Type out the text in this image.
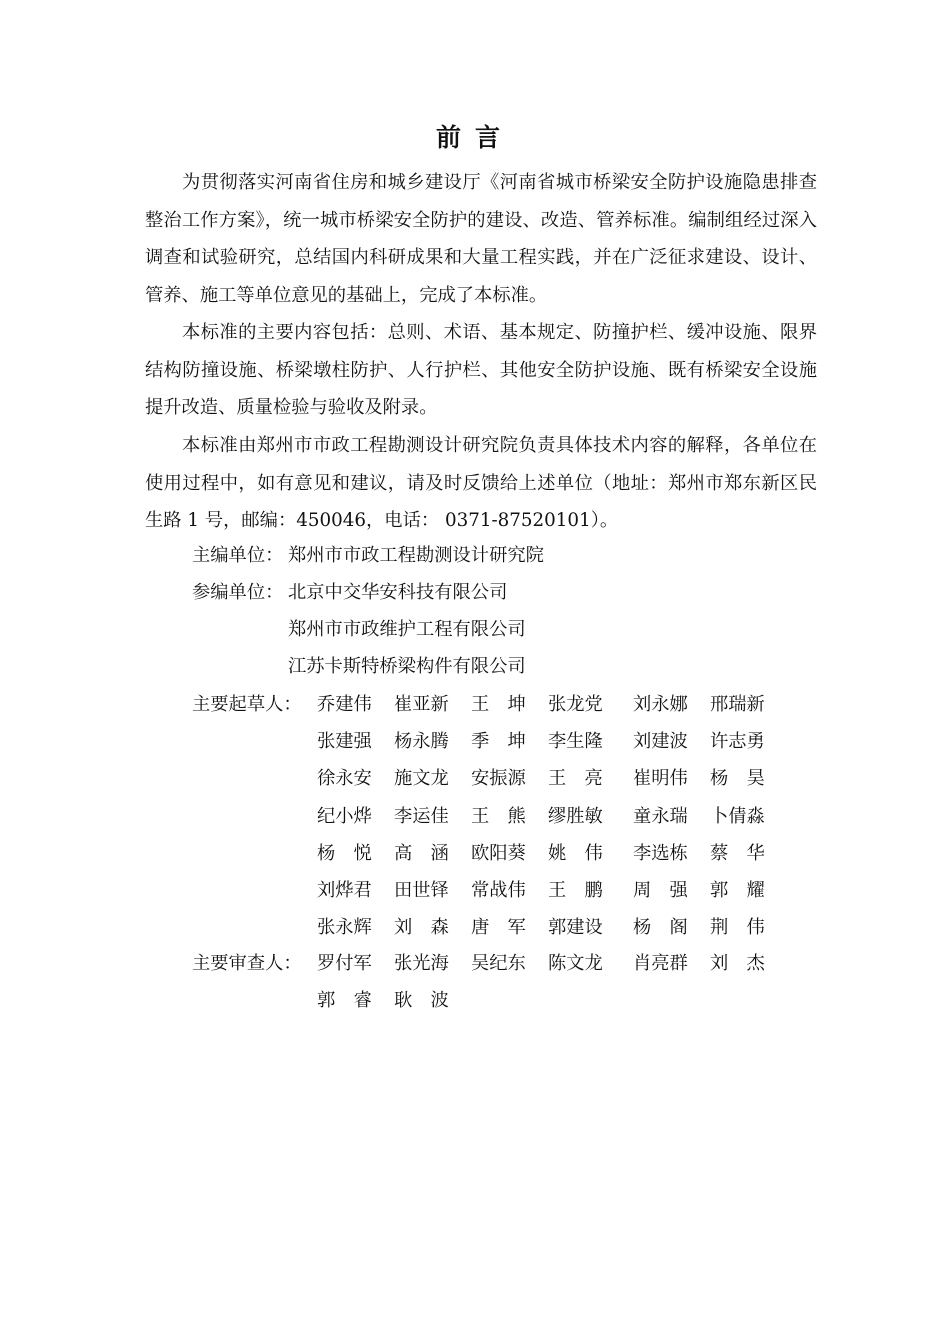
前言

为贯彻落实河南省住房和城乡建设厅《河南省城市桥梁安全防护设施隐患排查整治工作方案》，统一城市桥梁安全防护的建设、改造、管养标准。编制组经过深入调查和试验研究，总结国内科研成果和大量工程实践，并在广泛征求建设、设计、管养、施工等单位意见的基础上，完成了本标准。

本标准的主要内容包括：总则、术语、基本规定、防撞护栏、缓冲设施、限界结构防撞设施、桥梁墩柱防护、人行护栏、其他安全防护设施、既有桥梁安全设施提升改造、质量检验与验收及附录。

本标准由郑州市市政工程勘测设计研究院负责具体技术内容的解释，各单位在使用过程中，如有意见和建议，请及时反馈给上述单位（地址：郑州市郑东新区民生路 1 号，邮编：450046，电话： 0371-87520101）。

主编单位： 郑州市市政工程勘测设计研究院
参编单位： 北京中交华安科技有限公司
郑州市市政维护工程有限公司
江苏卡斯特桥梁构件有限公司
主要起草人：
主要审查人：
乔建伟 崔亚新 王　坤 张龙党 刘永娜 邢瑞新
张建强 杨永腾 季　坤 李生隆 刘建波 许志勇
徐永安 施文龙 安振源 王　亮 崔明伟 杨　昊
纪小烨 李运佳 王　熊 缪胜敏 童永瑞 卜倩淼
杨　悦 高　涵 欧阳葵 姚　伟 李选栋 蔡　华
刘烨君 田世铎 常战伟 王　鹏 周　强 郭　耀
张永辉 刘　森 唐　军 郭建设 杨　阁 荆　伟
罗付军 张光海 吴纪东 陈文龙 肖亮群 刘　杰
郭　睿 耿　波
